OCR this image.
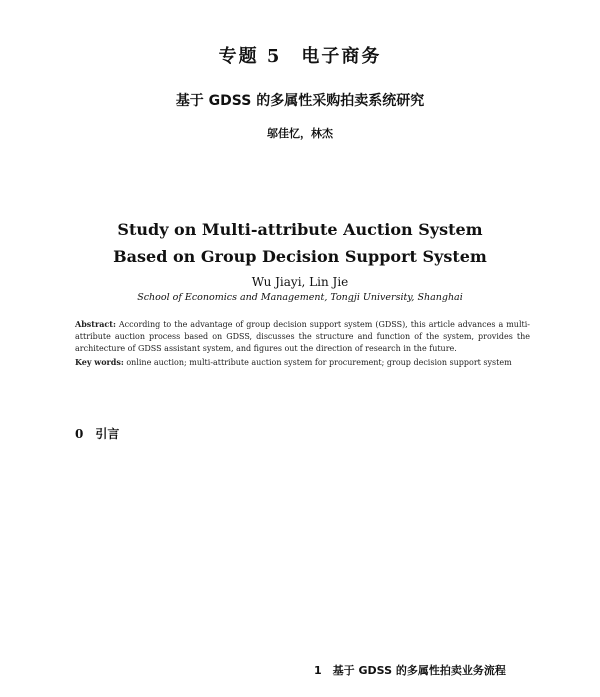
专题 5　电子商务
基于 GDSS 的多属性采购拍卖系统研究
邬佳忆，林杰
Study on Multi-attribute Auction System
Based on Group Decision Support System
Wu Jiayi, Lin Jie
School of Economics and Management, Tongji University, Shanghai
Abstract: According to the advantage of group decision support system (GDSS), this article advances a multi-attribute auction process based on GDSS, discusses the structure and function of the system, provides the architecture of GDSS assistant system, and figures out the direction of research in the future.
Key words: online auction; multi-attribute auction system for procurement; group decision support system
0　引言
1　基于 GDSS 的多属性拍卖业务流程
